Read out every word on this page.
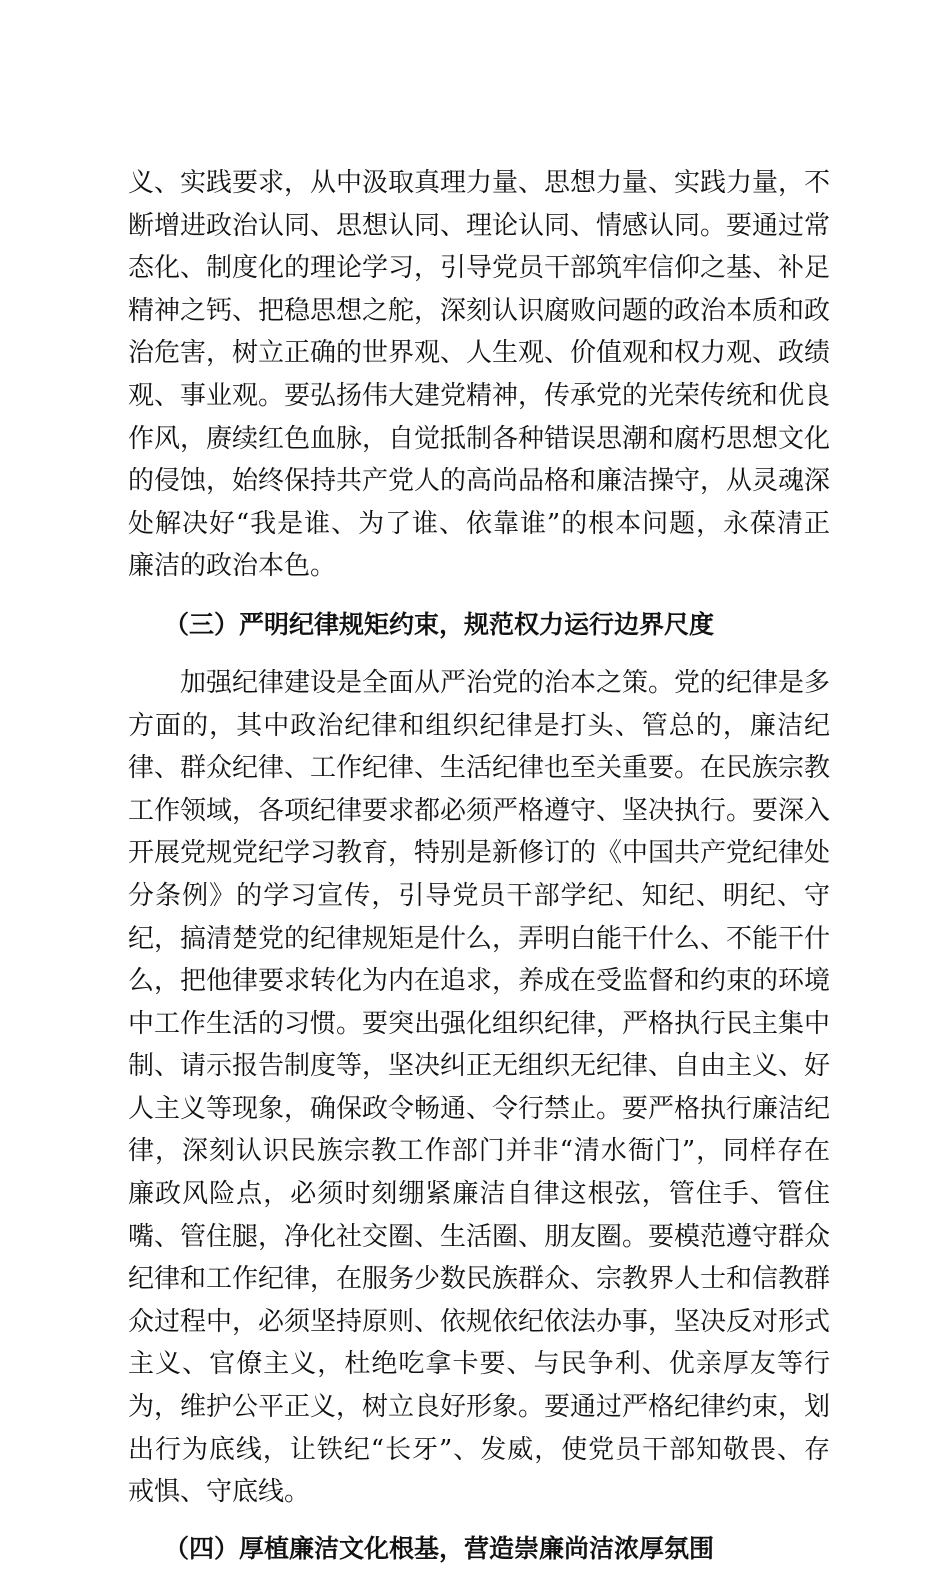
义、实践要求，从中汲取真理力量、思想力量、实践力量，不断增进政治认同、思想认同、理论认同、情感认同。要通过常态化、制度化的理论学习，引导党员干部筑牢信仰之基、补足精神之钙、把稳思想之舵，深刻认识腐败问题的政治本质和政治危害，树立正确的世界观、人生观、价值观和权力观、政绩观、事业观。要弘扬伟大建党精神，传承党的光荣传统和优良作风，赓续红色血脉，自觉抵制各种错误思潮和腐朽思想文化的侵蚀，始终保持共产党人的高尚品格和廉洁操守，从灵魂深处解决好“我是谁、为了谁、依靠谁”的根本问题，永葆清正廉洁的政治本色。

（三）严明纪律规矩约束，规范权力运行边界尺度

加强纪律建设是全面从严治党的治本之策。党的纪律是多方面的，其中政治纪律和组织纪律是打头、管总的，廉洁纪律、群众纪律、工作纪律、生活纪律也至关重要。在民族宗教工作领域，各项纪律要求都必须严格遵守、坚决执行。要深入开展党规党纪学习教育，特别是新修订的《中国共产党纪律处分条例》的学习宣传，引导党员干部学纪、知纪、明纪、守纪，搞清楚党的纪律规矩是什么，弄明白能干什么、不能干什么，把他律要求转化为内在追求，养成在受监督和约束的环境中工作生活的习惯。要突出强化组织纪律，严格执行民主集中制、请示报告制度等，坚决纠正无组织无纪律、自由主义、好人主义等现象，确保政令畅通、令行禁止。要严格执行廉洁纪律，深刻认识民族宗教工作部门并非“清水衙门”，同样存在廉政风险点，必须时刻绷紧廉洁自律这根弦，管住手、管住嘴、管住腿，净化社交圈、生活圈、朋友圈。要模范遵守群众纪律和工作纪律，在服务少数民族群众、宗教界人士和信教群众过程中，必须坚持原则、依规依纪依法办事，坚决反对形式主义、官僚主义，杜绝吃拿卡要、与民争利、优亲厚友等行为，维护公平正义，树立良好形象。要通过严格纪律约束，划出行为底线，让铁纪“长牙”、发威，使党员干部知敬畏、存戒惧、守底线。

（四）厚植廉洁文化根基，营造崇廉尚洁浓厚氛围
